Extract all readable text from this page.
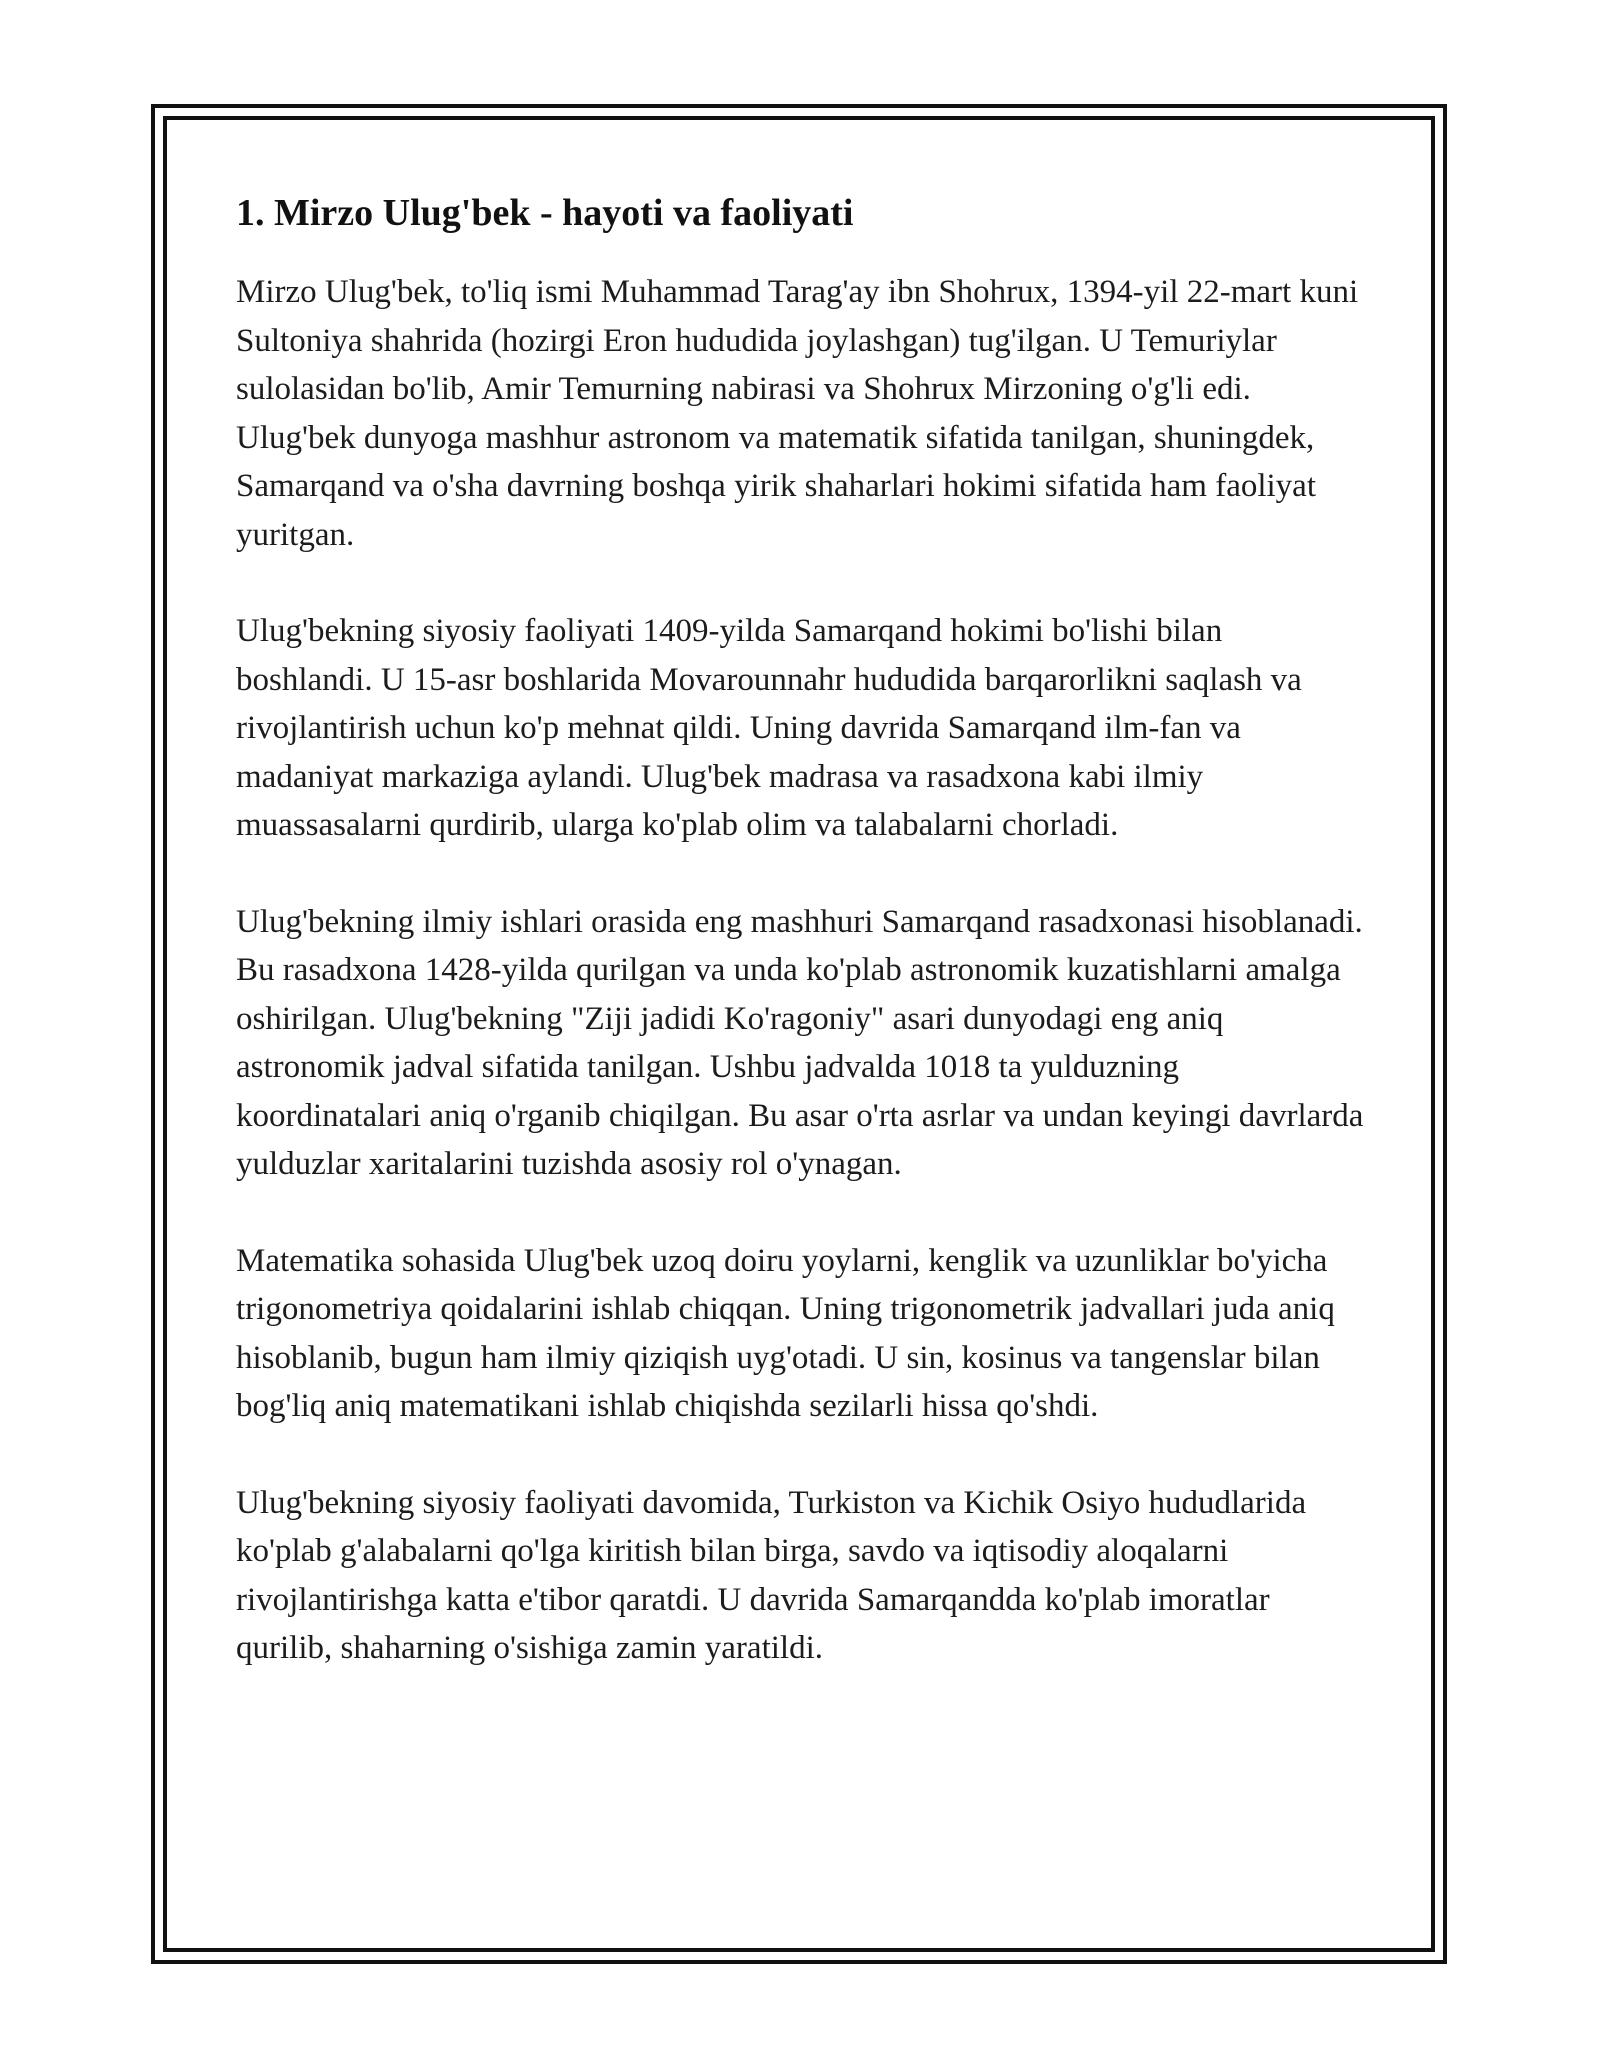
1. Mirzo Ulug'bek - hayoti va faoliyati

Mirzo Ulug'bek, to'liq ismi Muhammad Tarag'ay ibn Shohrux, 1394-yil 22-mart kuni Sultoniya shahrida (hozirgi Eron hududida joylashgan) tug'ilgan. U Temuriylar sulolasidan bo'lib, Amir Temurning nabirasi va Shohrux Mirzoning o'g'li edi. Ulug'bek dunyoga mashhur astronom va matematik sifatida tanilgan, shuningdek, Samarqand va o'sha davrning boshqa yirik shaharlari hokimi sifatida ham faoliyat yuritgan.

Ulug'bekning siyosiy faoliyati 1409-yilda Samarqand hokimi bo'lishi bilan boshlandi. U 15-asr boshlarida Movarounnahr hududida barqarorlikni saqlash va rivojlantirish uchun ko'p mehnat qildi. Uning davrida Samarqand ilm-fan va madaniyat markaziga aylandi. Ulug'bek madrasa va rasadxona kabi ilmiy muassasalarni qurdirib, ularga ko'plab olim va talabalarni chorladi.

Ulug'bekning ilmiy ishlari orasida eng mashhuri Samarqand rasadxonasi hisoblanadi. Bu rasadxona 1428-yilda qurilgan va unda ko'plab astronomik kuzatishlarni amalga oshirilgan. Ulug'bekning "Ziji jadidi Ko'ragoniy" asari dunyodagi eng aniq astronomik jadval sifatida tanilgan. Ushbu jadvalda 1018 ta yulduzning koordinatalari aniq o'rganib chiqilgan. Bu asar o'rta asrlar va undan keyingi davrlarda yulduzlar xaritalarini tuzishda asosiy rol o'ynagan.

Matematika sohasida Ulug'bek uzoq doiru yoylarni, kenglik va uzunliklar bo'yicha trigonometriya qoidalarini ishlab chiqqan. Uning trigonometrik jadvallari juda aniq hisoblanib, bugun ham ilmiy qiziqish uyg'otadi. U sin, kosinus va tangenslar bilan bog'liq aniq matematikani ishlab chiqishda sezilarli hissa qo'shdi.

Ulug'bekning siyosiy faoliyati davomida, Turkiston va Kichik Osiyo hududlarida ko'plab g'alabalarni qo'lga kiritish bilan birga, savdo va iqtisodiy aloqalarni rivojlantirishga katta e'tibor qaratdi. U davrida Samarqandda ko'plab imoratlar qurilib, shaharning o'sishiga zamin yaratildi.
